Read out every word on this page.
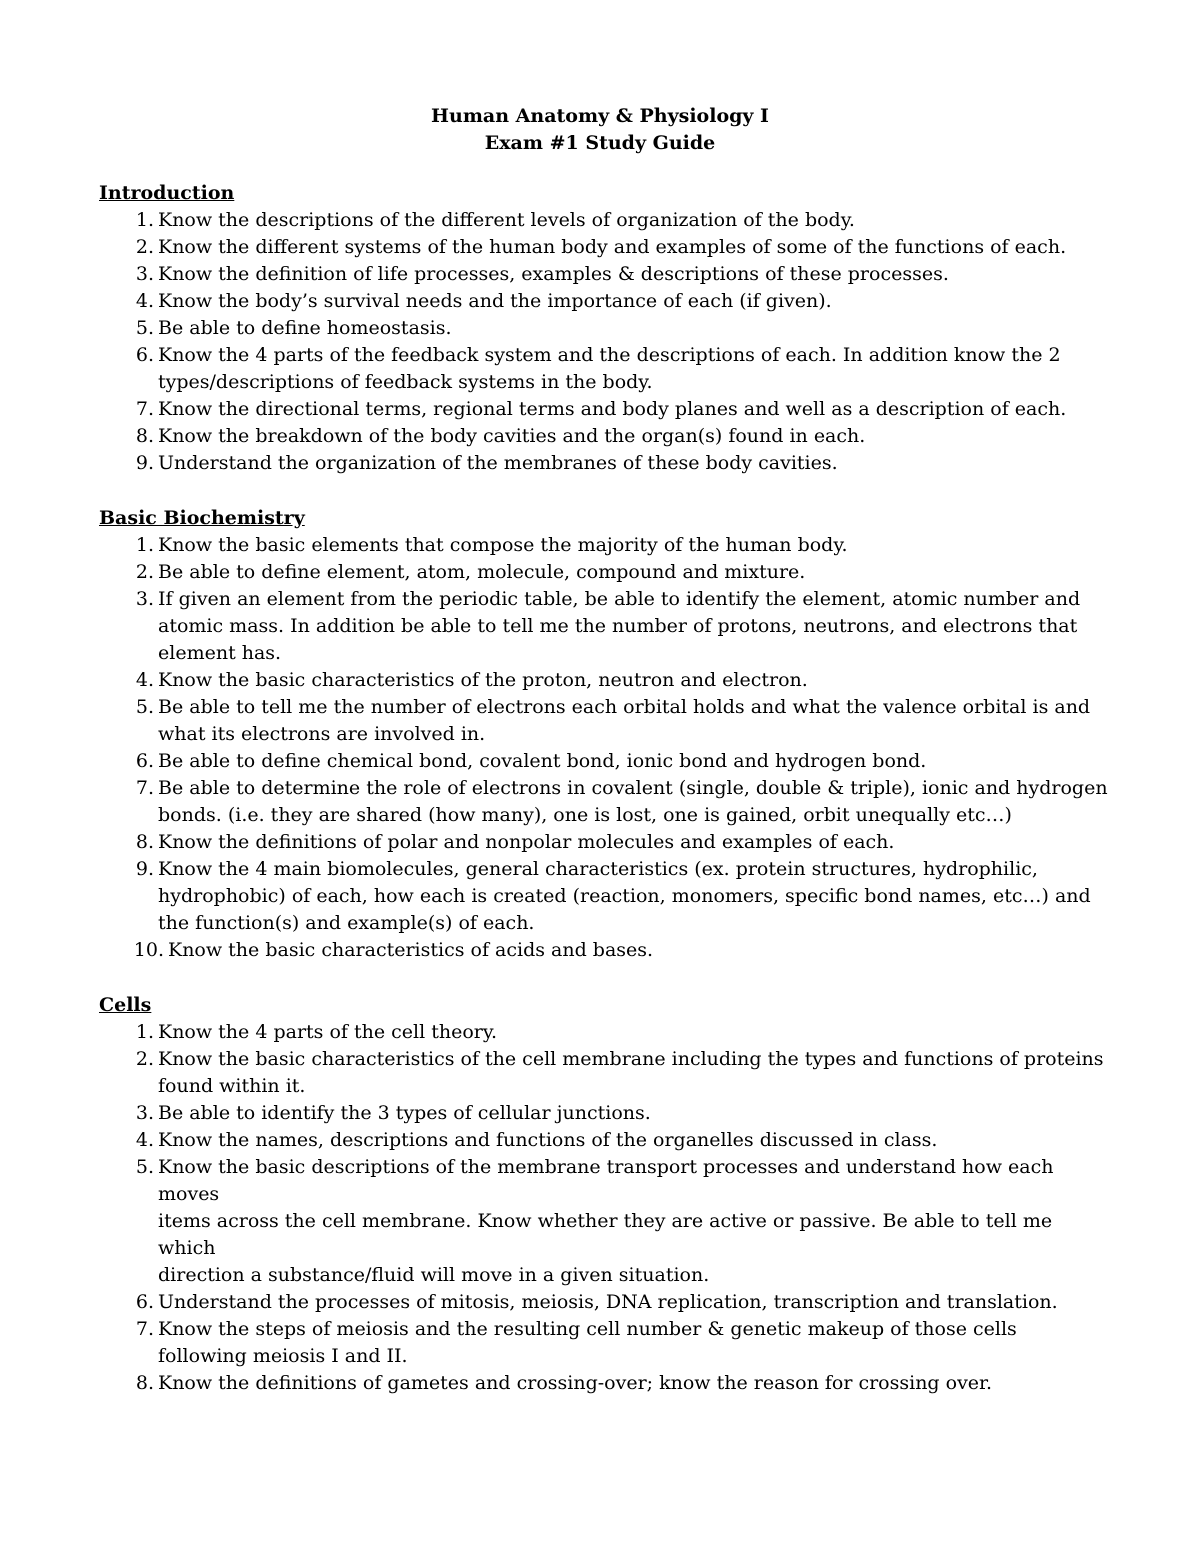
Human Anatomy & Physiology I
Exam #1 Study Guide
Introduction
1. Know the descriptions of the different levels of organization of the body.
2. Know the different systems of the human body and examples of some of the functions of each.
3. Know the definition of life processes, examples & descriptions of these processes.
4. Know the body’s survival needs and the importance of each (if given).
5. Be able to define homeostasis.
6. Know the 4 parts of the feedback system and the descriptions of each. In addition know the 2
types/descriptions of feedback systems in the body.
7. Know the directional terms, regional terms and body planes and well as a description of each.
8. Know the breakdown of the body cavities and the organ(s) found in each.
9. Understand the organization of the membranes of these body cavities.
Basic Biochemistry
1. Know the basic elements that compose the majority of the human body.
2. Be able to define element, atom, molecule, compound and mixture.
3. If given an element from the periodic table, be able to identify the element, atomic number and
atomic mass. In addition be able to tell me the number of protons, neutrons, and electrons that
element has.
4. Know the basic characteristics of the proton, neutron and electron.
5. Be able to tell me the number of electrons each orbital holds and what the valence orbital is and
what its electrons are involved in.
6. Be able to define chemical bond, covalent bond, ionic bond and hydrogen bond.
7. Be able to determine the role of electrons in covalent (single, double & triple), ionic and hydrogen
bonds. (i.e. they are shared (how many), one is lost, one is gained, orbit unequally etc…)
8. Know the definitions of polar and nonpolar molecules and examples of each.
9. Know the 4 main biomolecules, general characteristics (ex. protein structures, hydrophilic,
hydrophobic) of each, how each is created (reaction, monomers, specific bond names, etc…) and
the function(s) and example(s) of each.
10. Know the basic characteristics of acids and bases.
Cells
1. Know the 4 parts of the cell theory.
2. Know the basic characteristics of the cell membrane including the types and functions of proteins
found within it.
3. Be able to identify the 3 types of cellular junctions.
4. Know the names, descriptions and functions of the organelles discussed in class.
5. Know the basic descriptions of the membrane transport processes and understand how each moves
items across the cell membrane. Know whether they are active or passive. Be able to tell me which
direction a substance/fluid will move in a given situation.
6. Understand the processes of mitosis, meiosis, DNA replication, transcription and translation.
7. Know the steps of meiosis and the resulting cell number & genetic makeup of those cells
following meiosis I and II.
8. Know the definitions of gametes and crossing-over; know the reason for crossing over.
